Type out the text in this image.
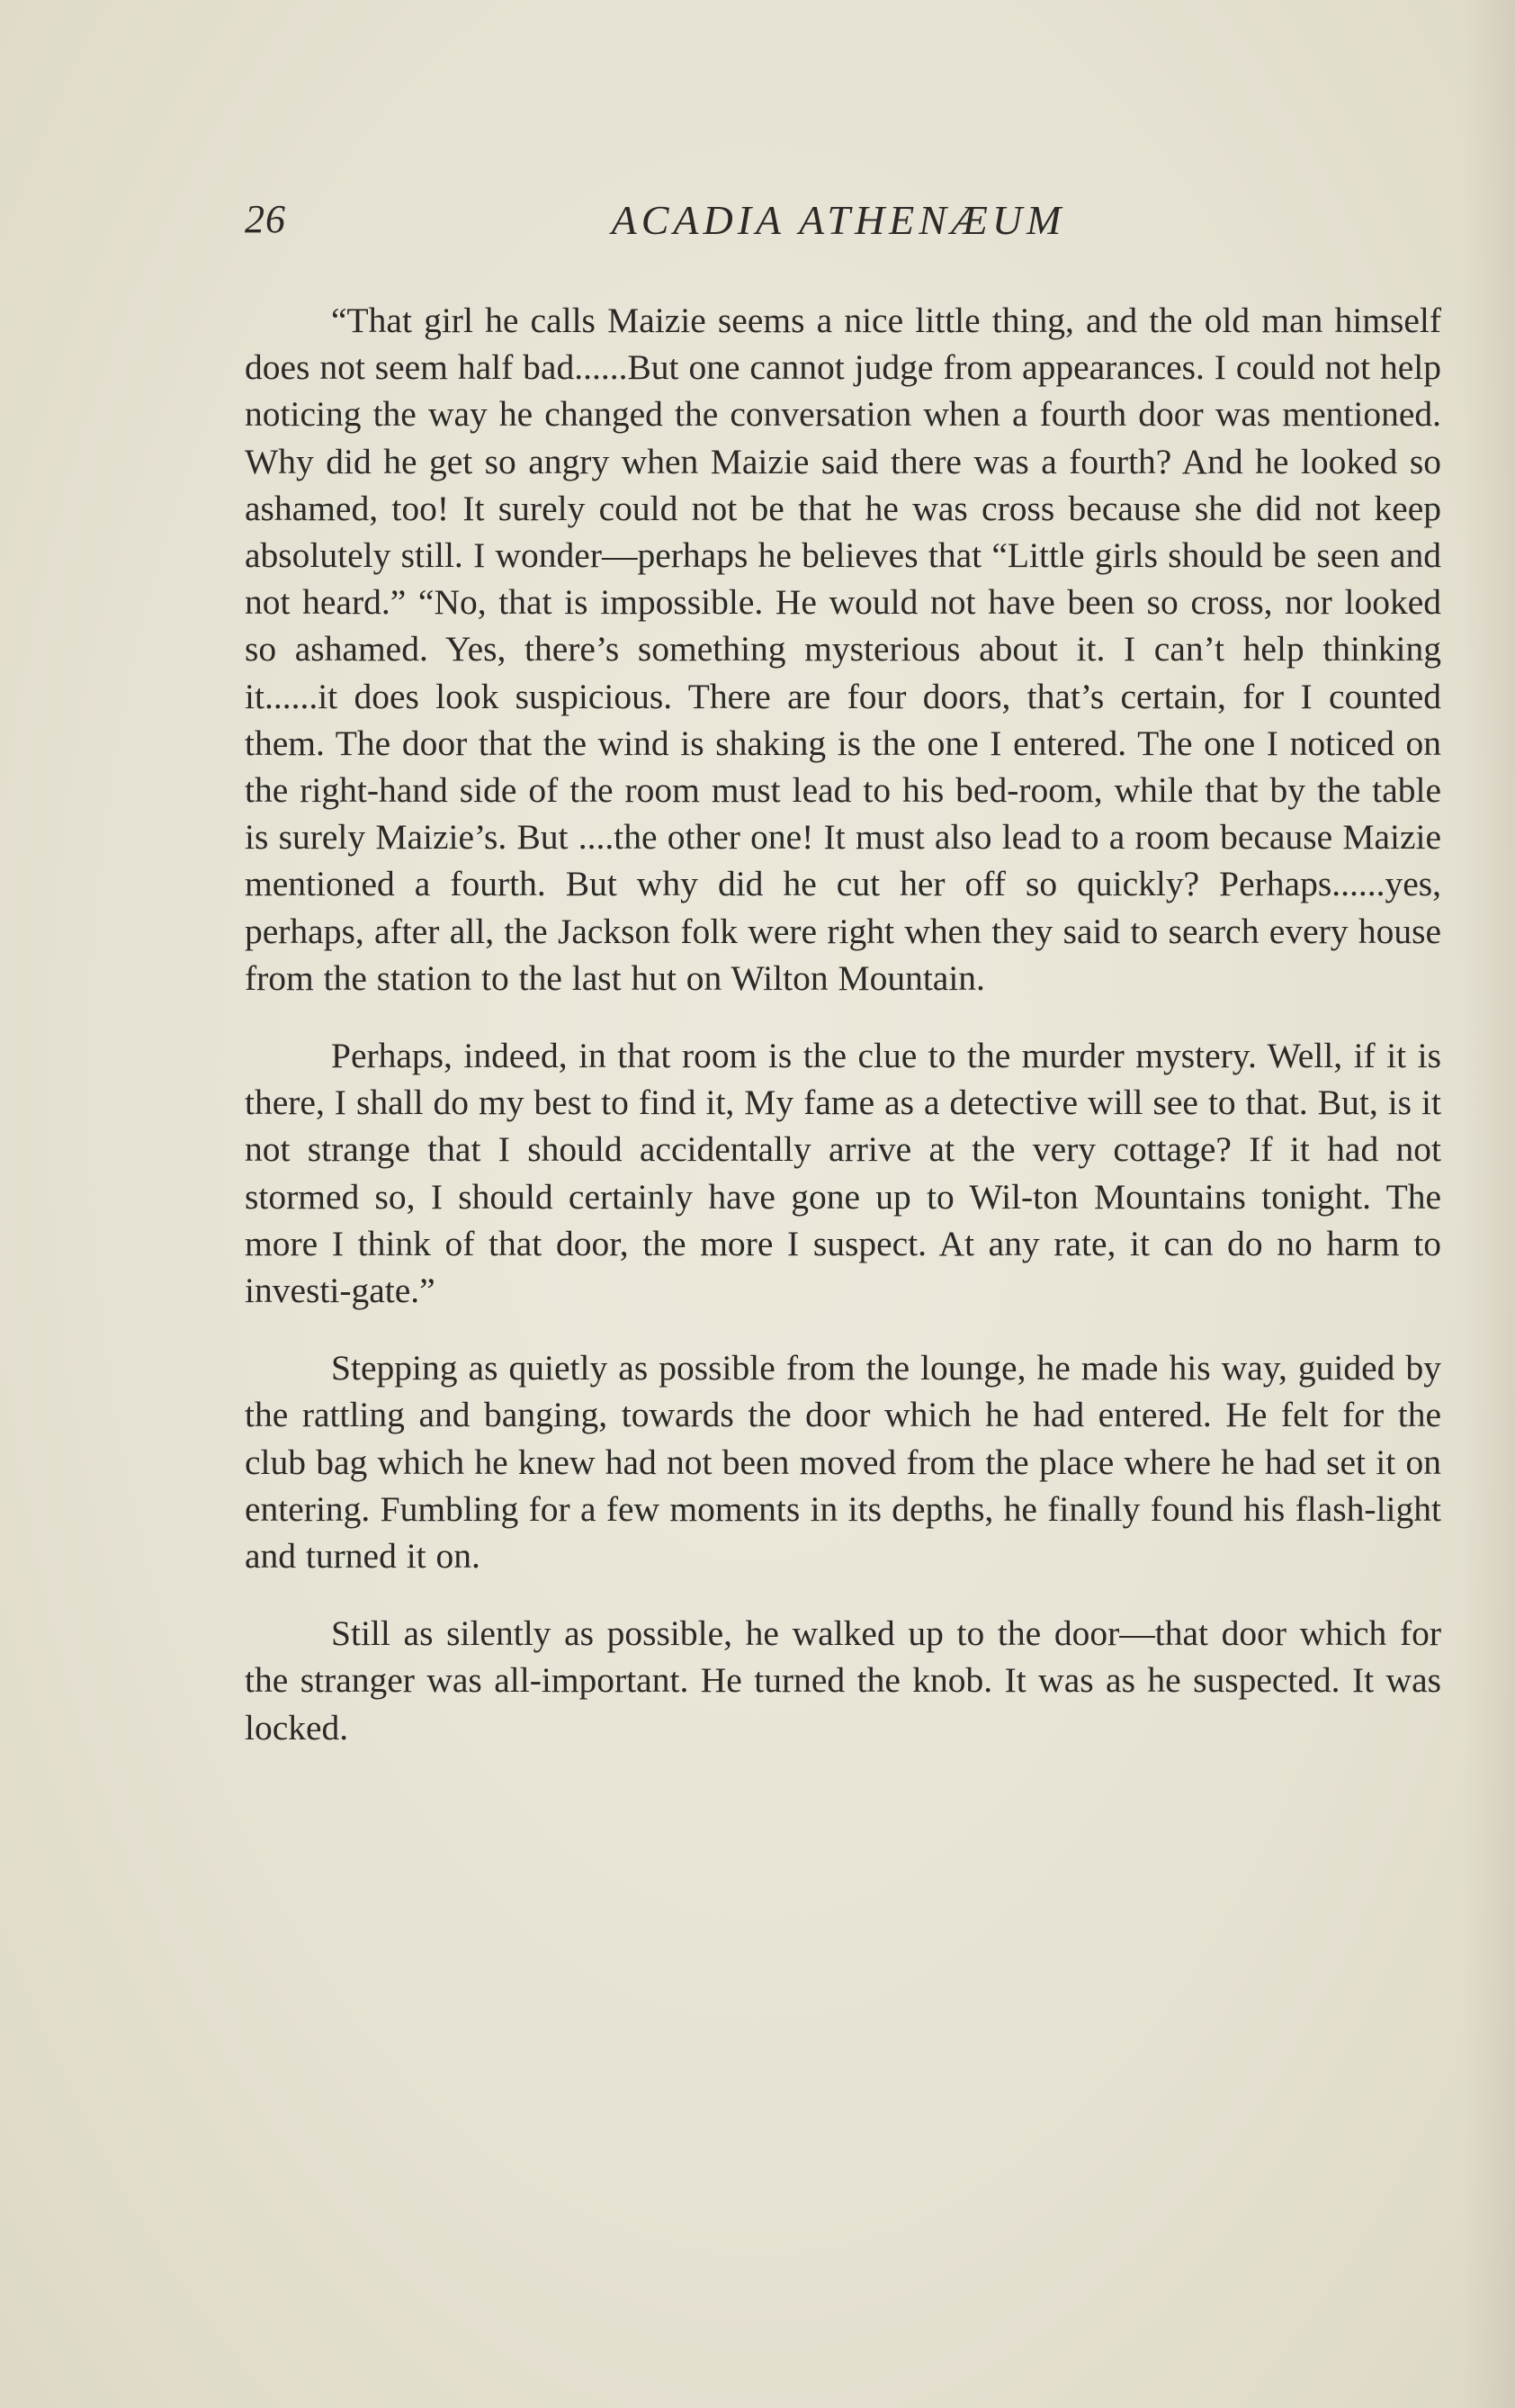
26	ACADIA ATHENÆUM

“That girl he calls Maizie seems a nice little thing, and the old man himself does not seem half bad......But one cannot judge from appearances. I could not help noticing the way he changed the conversation when a fourth door was mentioned. Why did he get so angry when Maizie said there was a fourth? And he looked so ashamed, too! It surely could not be that he was cross because she did not keep absolutely still. I wonder—perhaps he believes that “Little girls should be seen and not heard.” “No, that is impossible. He would not have been so cross, nor looked so ashamed. Yes, there’s something mysterious about it. I can’t help thinking it......it does look suspicious. There are four doors, that’s certain, for I counted them. The door that the wind is shaking is the one I entered. The one I noticed on the right-hand side of the room must lead to his bed-room, while that by the table is surely Maizie’s. But ....the other one! It must also lead to a room because Maizie mentioned a fourth. But why did he cut her off so quickly? Perhaps......yes, perhaps, after all, the Jackson folk were right when they said to search every house from the station to the last hut on Wilton Mountain.

Perhaps, indeed, in that room is the clue to the murder mystery. Well, if it is there, I shall do my best to find it, My fame as a detective will see to that. But, is it not strange that I should accidentally arrive at the very cottage? If it had not stormed so, I should certainly have gone up to Wil-ton Mountains tonight. The more I think of that door, the more I suspect. At any rate, it can do no harm to investi-gate.”

Stepping as quietly as possible from the lounge, he made his way, guided by the rattling and banging, towards the door which he had entered. He felt for the club bag which he knew had not been moved from the place where he had set it on entering. Fumbling for a few moments in its depths, he finally found his flash-light and turned it on.

Still as silently as possible, he walked up to the door—that door which for the stranger was all-important. He turned the knob. It was as he suspected. It was locked.
